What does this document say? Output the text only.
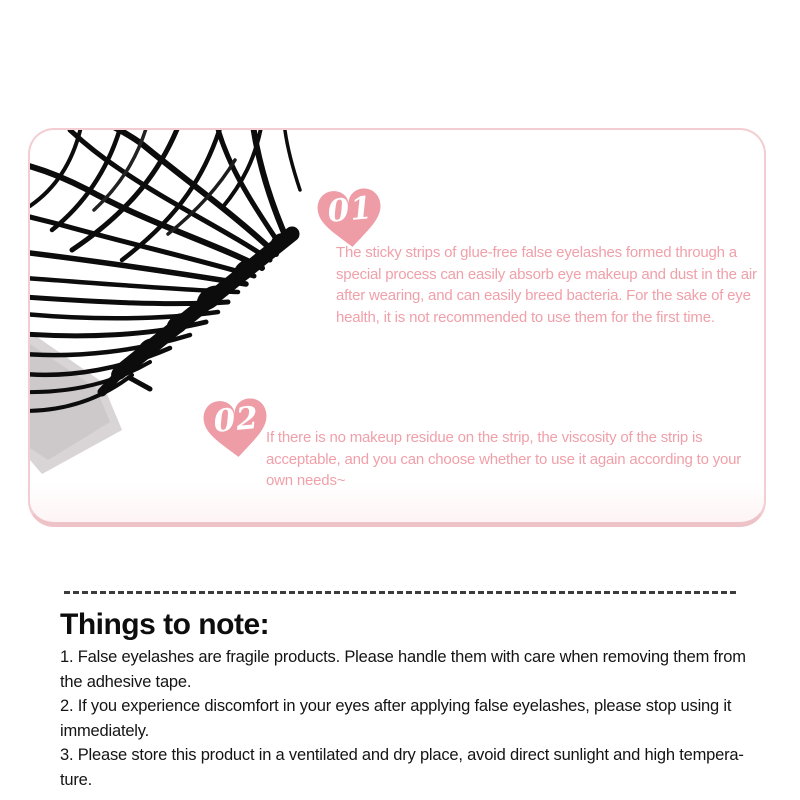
01
The sticky strips of glue-free false eyelashes formed through a special process can easily absorb eye makeup and dust in the air after wearing, and can easily breed bacteria. For the sake of eye health, it is not recommended to use them for the first time.
02 If there is no makeup residue on the strip, the viscosity of the strip is acceptable, and you can choose whether to use it again according to your own needs~
Things to note:

1. False eyelashes are fragile products. Please handle them with care when removing them from the adhesive tape.

2. If you experience discomfort in your eyes after applying false eyelashes, please stop using it immediately.

3. Please store this product in a ventilated and dry place, avoid direct sunlight and high temperature.
